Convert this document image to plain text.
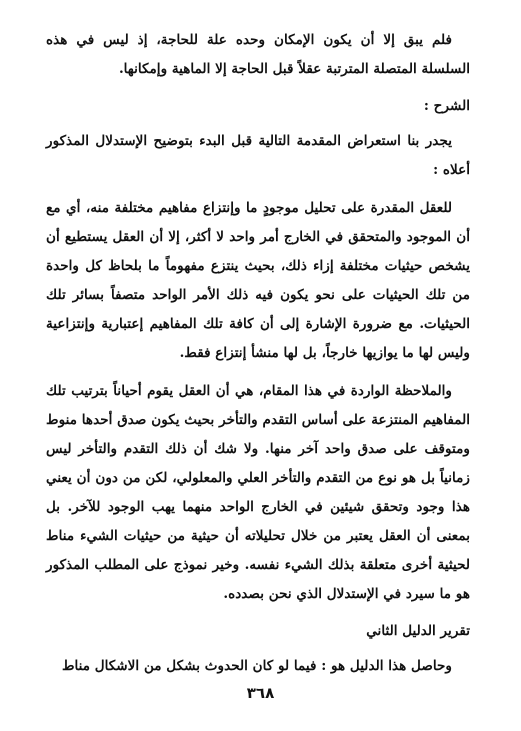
فلم يبق إلا أن يكون الإمكان وحده علة للحاجة، إذ ليس في هذه السلسلة المتصلة المترتبة عقلاً قبل الحاجة إلا الماهية وإمكانها.

الشرح :

يجدر بنا استعراض المقدمة التالية قبل البدء بتوضيح الإستدلال المذكور أعلاه :

للعقل المقدرة على تحليل موجودٍ ما وإنتزاع مفاهيم مختلفة منه، أي مع أن الموجود والمتحقق في الخارج أمر واحد لا أكثر، إلا أن العقل يستطيع أن يشخص حيثيات مختلفة إزاء ذلك، بحيث ينتزع مفهوماً ما بلحاظ كل واحدة من تلك الحيثيات على نحو يكون فيه ذلك الأمر الواحد متصفاً بسائر تلك الحيثيات. مع ضرورة الإشارة إلى أن كافة تلك المفاهيم إعتبارية وإنتزاعية وليس لها ما يوازيها خارجاً، بل لها منشأ إنتزاع فقط.

والملاحظة الواردة في هذا المقام، هي أن العقل يقوم أحياناً بترتيب تلك المفاهيم المنتزعة على أساس التقدم والتأخر بحيث يكون صدق أحدها منوط ومتوقف على صدق واحد آخر منها. ولا شك أن ذلك التقدم والتأخر ليس زمانياً بل هو نوع من التقدم والتأخر العلي والمعلولي، لكن من دون أن يعني هذا وجود وتحقق شيئين في الخارج الواحد منهما يهب الوجود للآخر. بل بمعنى أن العقل يعتبر من خلال تحليلاته أن حيثية من حيثيات الشيء مناط لحيثية أخرى متعلقة بذلك الشيء نفسه. وخير نموذج على المطلب المذكور هو ما سيرد في الإستدلال الذي نحن بصدده.

تقرير الدليل الثاني

وحاصل هذا الدليل هو : فيما لو كان الحدوث بشكل من الاشكال مناط

٣٦٨
